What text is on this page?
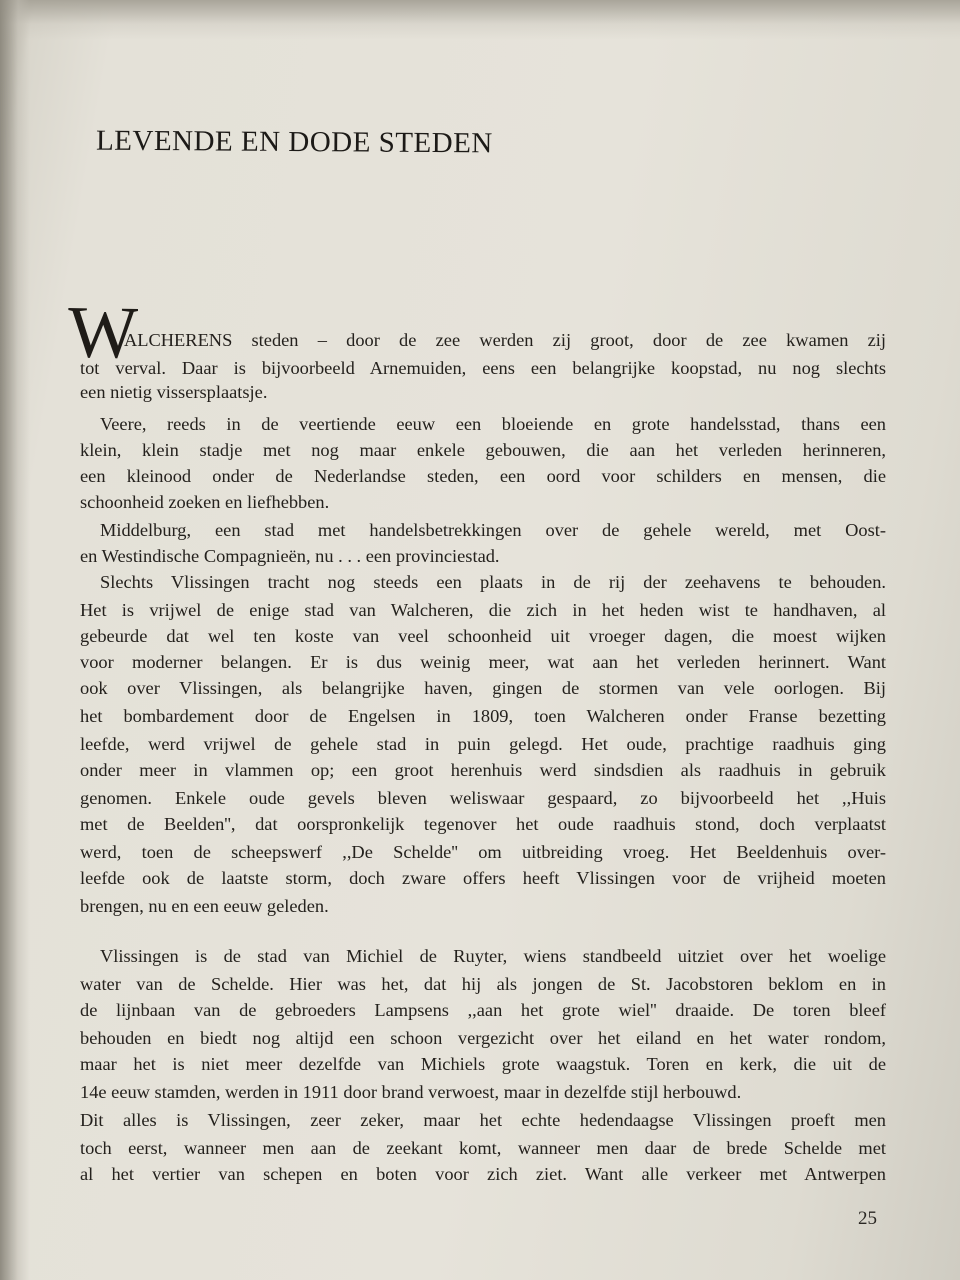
LEVENDE EN DODE STEDEN
W
ALCHERENS steden – door de zee werden zij groot, door de zee kwamen zij
tot verval. Daar is bijvoorbeeld Arnemuiden, eens een belangrijke koopstad, nu nog slechts
een nietig vissersplaatsje.
Veere, reeds in de veertiende eeuw een bloeiende en grote handelsstad, thans een
klein, klein stadje met nog maar enkele gebouwen, die aan het verleden herinneren,
een kleinood onder de Nederlandse steden, een oord voor schilders en mensen, die
schoonheid zoeken en liefhebben.
Middelburg, een stad met handelsbetrekkingen over de gehele wereld, met Oost-
en Westindische Compagnieën, nu . . . een provinciestad.
Slechts Vlissingen tracht nog steeds een plaats in de rij der zeehavens te behouden.
Het is vrijwel de enige stad van Walcheren, die zich in het heden wist te handhaven, al
gebeurde dat wel ten koste van veel schoonheid uit vroeger dagen, die moest wijken
voor moderner belangen. Er is dus weinig meer, wat aan het verleden herinnert. Want
ook over Vlissingen, als belangrijke haven, gingen de stormen van vele oorlogen. Bij
het bombardement door de Engelsen in 1809, toen Walcheren onder Franse bezetting
leefde, werd vrijwel de gehele stad in puin gelegd. Het oude, prachtige raadhuis ging
onder meer in vlammen op; een groot herenhuis werd sindsdien als raadhuis in gebruik
genomen. Enkele oude gevels bleven weliswaar gespaard, zo bijvoorbeeld het ,,Huis
met de Beelden'', dat oorspronkelijk tegenover het oude raadhuis stond, doch verplaatst
werd, toen de scheepswerf ,,De Schelde'' om uitbreiding vroeg. Het Beeldenhuis over-
leefde ook de laatste storm, doch zware offers heeft Vlissingen voor de vrijheid moeten
brengen, nu en een eeuw geleden.
Vlissingen is de stad van Michiel de Ruyter, wiens standbeeld uitziet over het woelige
water van de Schelde. Hier was het, dat hij als jongen de St. Jacobstoren beklom en in
de lijnbaan van de gebroeders Lampsens ,,aan het grote wiel'' draaide. De toren bleef
behouden en biedt nog altijd een schoon vergezicht over het eiland en het water rondom,
maar het is niet meer dezelfde van Michiels grote waagstuk. Toren en kerk, die uit de
14e eeuw stamden, werden in 1911 door brand verwoest, maar in dezelfde stijl herbouwd.
Dit alles is Vlissingen, zeer zeker, maar het echte hedendaagse Vlissingen proeft men
toch eerst, wanneer men aan de zeekant komt, wanneer men daar de brede Schelde met
al het vertier van schepen en boten voor zich ziet. Want alle verkeer met Antwerpen
25
